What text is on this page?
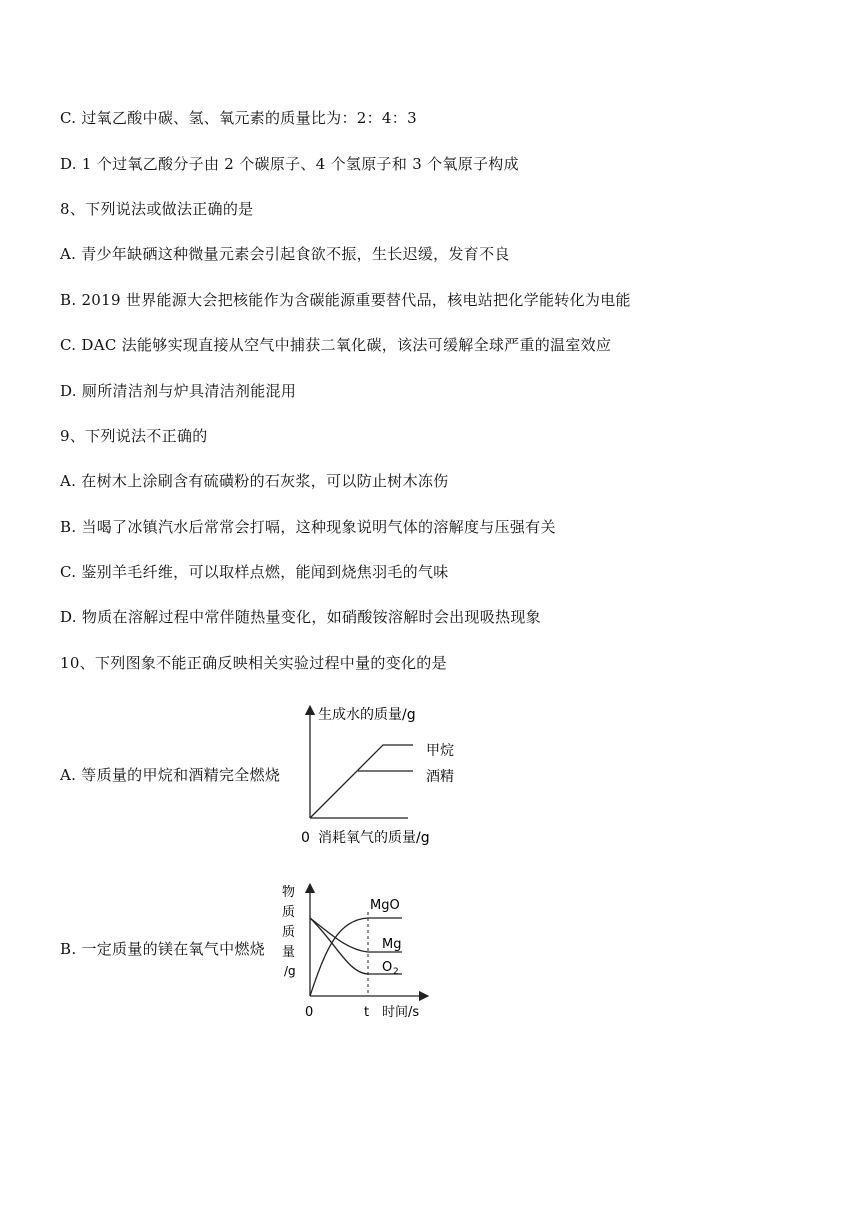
C. 过氧乙酸中碳、氢、氧元素的质量比为：2：4：3
D. 1 个过氧乙酸分子由 2 个碳原子、4 个氢原子和 3 个氧原子构成
8、下列说法或做法正确的是
A. 青少年缺硒这种微量元素会引起食欲不振，生长迟缓，发育不良
B. 2019 世界能源大会把核能作为含碳能源重要替代品，核电站把化学能转化为电能
C. DAC 法能够实现直接从空气中捕获二氧化碳，该法可缓解全球严重的温室效应
D. 厕所清洁剂与炉具清洁剂能混用
9、下列说法不正确的
A. 在树木上涂刷含有硫磺粉的石灰浆，可以防止树木冻伤
B. 当喝了冰镇汽水后常常会打嗝，这种现象说明气体的溶解度与压强有关
C. 鉴别羊毛纤维，可以取样点燃，能闻到烧焦羽毛的气味
D. 物质在溶解过程中常伴随热量变化，如硝酸铵溶解时会出现吸热现象
10、下列图象不能正确反映相关实验过程中量的变化的是
A. 等质量的甲烷和酒精完全燃烧
B. 一定质量的镁在氧气中燃烧
生成水的质量/g
0 消耗氧气的质量/g
甲烷
酒精
物
质
质
量
/g
MgO
Mg
O 2
0	t 时间/s
